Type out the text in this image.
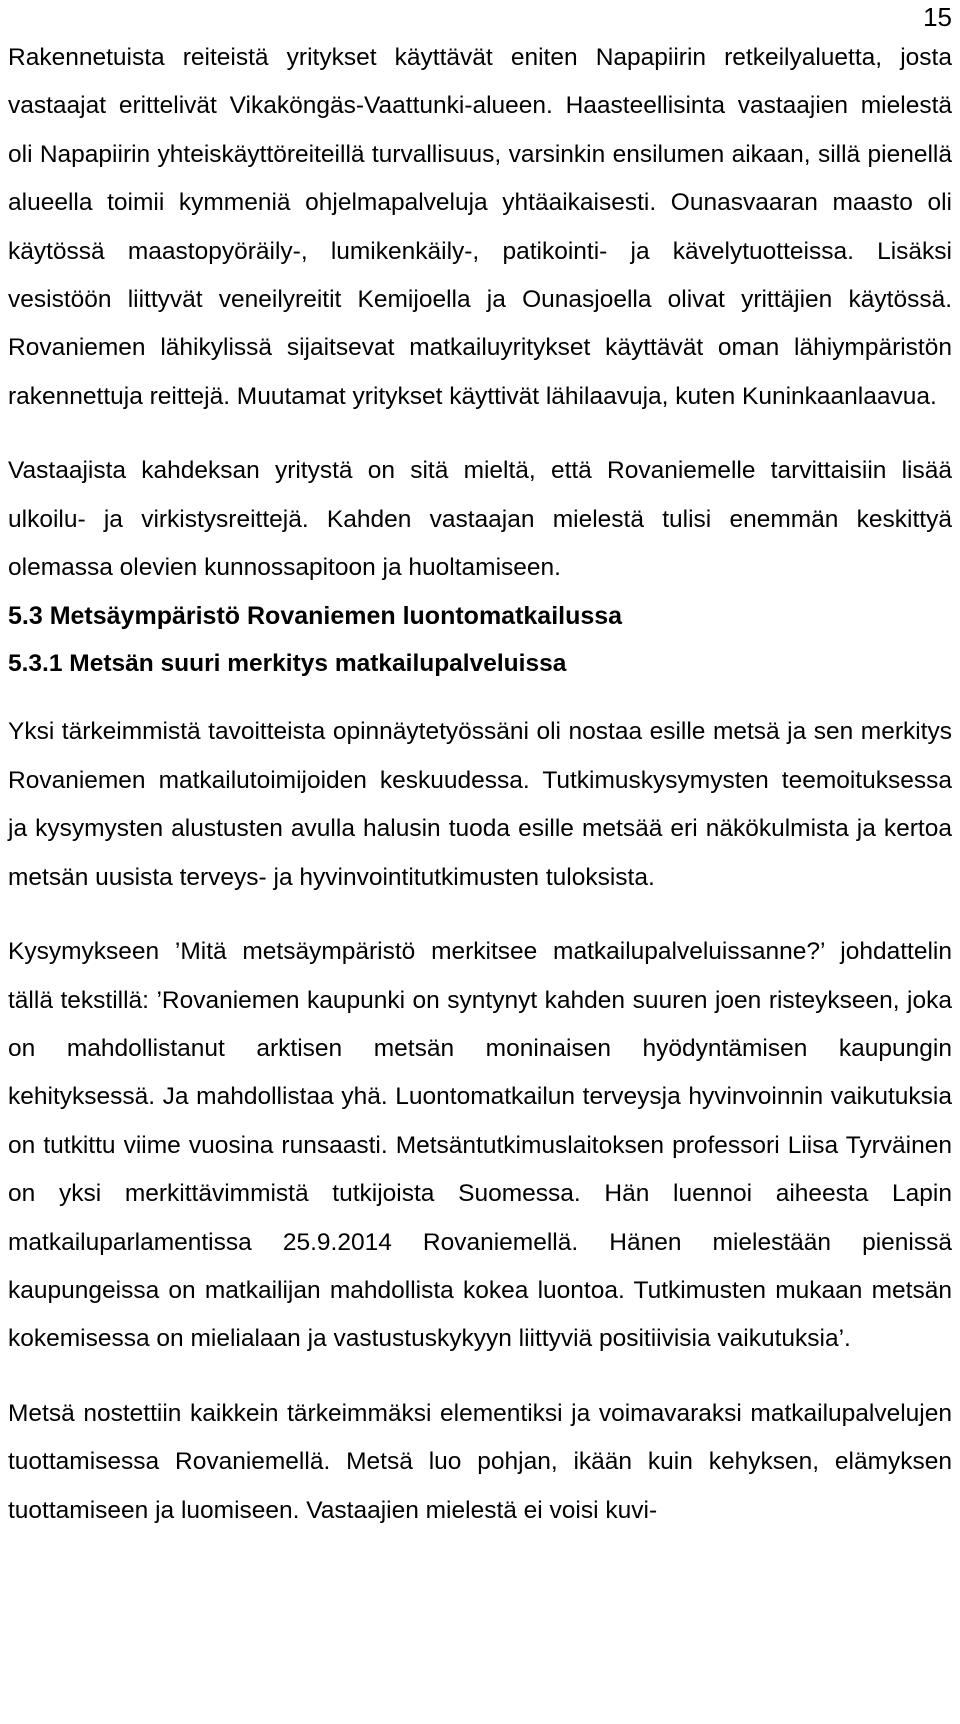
15

Rakennetuista reiteistä yritykset käyttävät eniten Napapiirin retkeilyaluetta, josta vastaajat erittelivät Vikaköngäs-Vaattunki-alueen. Haasteellisinta vastaajien mielestä oli Napapiirin yhteiskäyttöreiteillä turvallisuus, varsinkin ensilumen aikaan, sillä pienellä alueella toimii kymmeniä ohjelmapalveluja yhtäaikaisesti. Ounasvaaran maasto oli käytössä maastopyöräily-, lumikenkäily-, patikointi- ja kävelytuotteissa. Lisäksi vesistöön liittyvät veneilyreitit Kemijoella ja Ounasjoella olivat yrittäjien käytössä. Rovaniemen lähikylissä sijaitsevat matkailuyritykset käyttävät oman lähiympäristön rakennettuja reittejä. Muutamat yritykset käyttivät lähilaavuja, kuten Kuninkaanlaavua.

Vastaajista kahdeksan yritystä on sitä mieltä, että Rovaniemelle tarvittaisiin lisää ulkoilu- ja virkistysreittejä. Kahden vastaajan mielestä tulisi enemmän keskittyä olemassa olevien kunnossapitoon ja huoltamiseen.

5.3 Metsäympäristö Rovaniemen luontomatkailussa
5.3.1 Metsän suuri merkitys matkailupalveluissa

Yksi tärkeimmistä tavoitteista opinnäytetyössäni oli nostaa esille metsä ja sen merkitys Rovaniemen matkailutoimijoiden keskuudessa. Tutkimuskysymysten teemoituksessa ja kysymysten alustusten avulla halusin tuoda esille metsää eri näkökulmista ja kertoa metsän uusista terveys- ja hyvinvointitutkimusten tuloksista.

Kysymykseen ’Mitä metsäympäristö merkitsee matkailupalveluissanne?’ johdattelin tällä tekstillä: ’Rovaniemen kaupunki on syntynyt kahden suuren joen risteykseen, joka on mahdollistanut arktisen metsän moninaisen hyödyntämisen kaupungin kehityksessä. Ja mahdollistaa yhä. Luontomatkailun terveysja hyvinvoinnin vaikutuksia on tutkittu viime vuosina runsaasti. Metsäntutkimuslaitoksen professori Liisa Tyrväinen on yksi merkittävimmistä tutkijoista Suomessa. Hän luennoi aiheesta Lapin matkailuparlamentissa 25.9.2014 Rovaniemellä. Hänen mielestään pienissä kaupungeissa on matkailijan mahdollista kokea luontoa. Tutkimusten mukaan metsän kokemisessa on mielialaan ja vastustuskykyyn liittyviä positiivisia vaikutuksia’.

Metsä nostettiin kaikkein tärkeimmäksi elementiksi ja voimavaraksi matkailupalvelujen tuottamisessa Rovaniemellä. Metsä luo pohjan, ikään kuin kehyksen, elämyksen tuottamiseen ja luomiseen. Vastaajien mielestä ei voisi kuvi-
